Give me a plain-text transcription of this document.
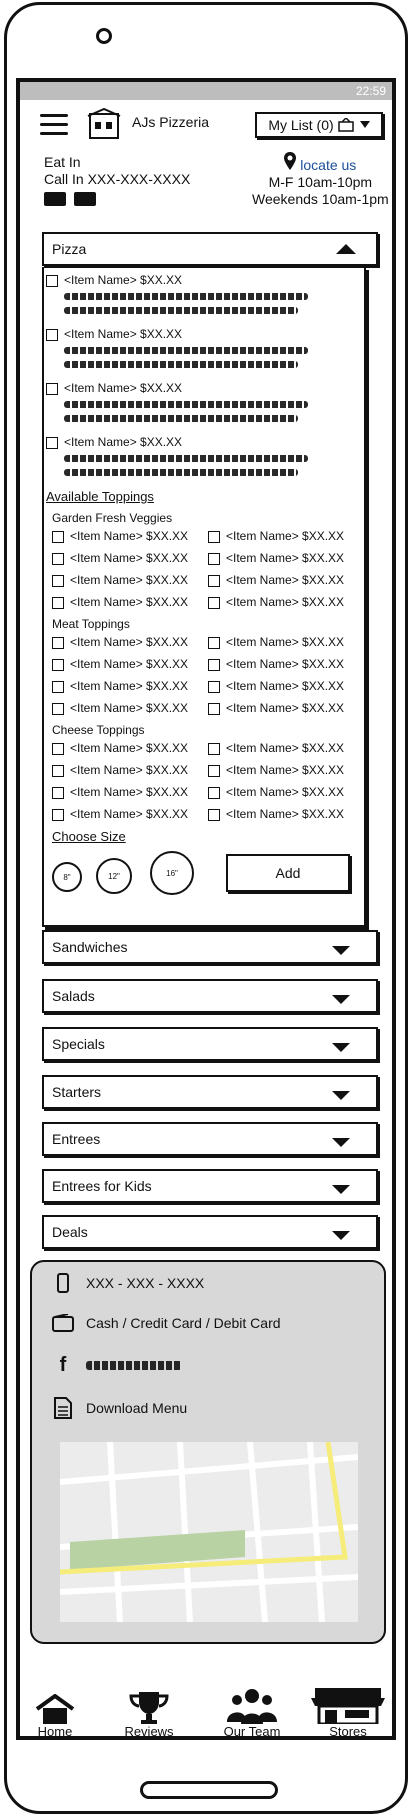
22:59
AJs Pizzeria	My List (0)
Eat In
Call In XXX-XXX-XXXX
locate us
M-F 10am-10pm
Weekends 10am-1pm
Pizza
<Item Name> $XX.XX
<Item Name> $XX.XX
<Item Name> $XX.XX
<Item Name> $XX.XX
Available Toppings
Garden Fresh Veggies
<Item Name> $XX.XX	<Item Name> $XX.XX
<Item Name> $XX.XX	<Item Name> $XX.XX
<Item Name> $XX.XX	<Item Name> $XX.XX
<Item Name> $XX.XX	<Item Name> $XX.XX
Meat Toppings
<Item Name> $XX.XX	<Item Name> $XX.XX
<Item Name> $XX.XX	<Item Name> $XX.XX
<Item Name> $XX.XX	<Item Name> $XX.XX
<Item Name> $XX.XX	<Item Name> $XX.XX
Cheese Toppings
<Item Name> $XX.XX	<Item Name> $XX.XX
<Item Name> $XX.XX	<Item Name> $XX.XX
<Item Name> $XX.XX	<Item Name> $XX.XX
<Item Name> $XX.XX	<Item Name> $XX.XX
Choose Size
8"	12"	16"	Add
Sandwiches
Salads
Specials
Starters
Entrees
Entrees for Kids
Deals
XXX - XXX - XXXX
Cash / Credit Card / Debit Card
f
Download Menu
Home	Reviews	Our Team	Stores
